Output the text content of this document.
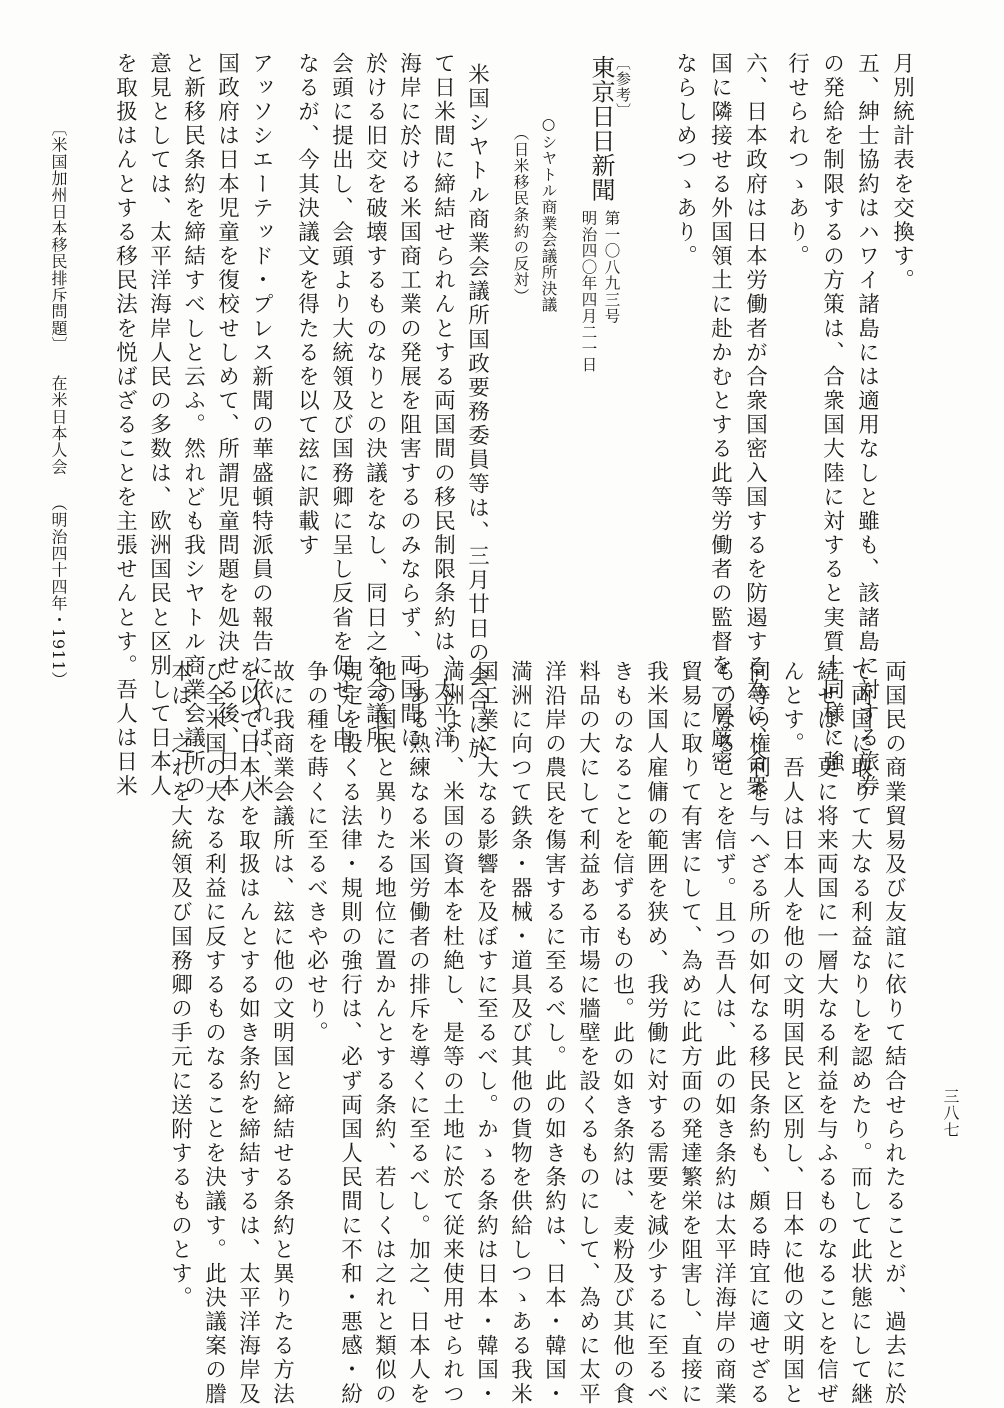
月別統計表を交換す。
五、紳士協約はハワイ諸島には適用なしと雖も、該諸島に対する旅券
の発給を制限するの方策は、合衆国大陸に対すると実質上同様に強
行せられつゝあり。
六、日本政府は日本労働者が合衆国密入国するを防遏する為に、合衆
国に隣接せる外国領土に赴かむとする此等労働者の監督を一層厳密
ならしめつゝあり。
〔参考〕
東京日日新聞
第一〇八九三号
明治四〇年四月二一日
○シヤトル商業会議所決議
（日米移民条約の反対）
米国シヤトル商業会議所国政要務委員等は、三月廿日の会合に於
て日米間に締結せられんとする両国間の移民制限条約は、太平洋
海岸に於ける米国商工業の発展を阻害するのみならず、両国間に
於ける旧交を破壊するものなりとの決議をなし、同日之を会議所
会頭に提出し、会頭より大統領及び国務卿に呈し反省を促せし由
なるが、今其決議文を得たるを以て玆に訳載す
アッソシエーテッド・プレス新聞の華盛頓特派員の報告に依れば、米
国政府は日本児童を復校せしめて、所謂児童問題を処決せる後、日本
と新移民条約を締結すべしと云ふ。然れども我シヤトル商業会議所の
意見としては、太平洋海岸人民の多数は、欧洲国民と区別して日本人
を取扱はんとする移民法を悦ばざることを主張せんとす。吾人は日米
両国民の商業貿易及び友誼に依りて結合せられたることが、過去に於
て両国に取りて大なる利益なりしを認めたり。而して此状態にして継
続せば、更に将来両国に一層大なる利益を与ふるものなることを信ぜ
んとす。吾人は日本人を他の文明国民と区別し、日本に他の文明国と
同等の権利を与へざる所の如何なる移民条約も、頗る時宜に適せざる
ものなることを信ず。且つ吾人は、此の如き条約は太平洋海岸の商業
貿易に取りて有害にして、為めに此方面の発達繁栄を阻害し、直接に
我米国人雇傭の範囲を狭め、我労働に対する需要を減少するに至るべ
きものなることを信ずるもの也。此の如き条約は、麦粉及び其他の食
料品の大にして利益ある市場に牆壁を設くるものにして、為めに太平
洋沿岸の農民を傷害するに至るべし。此の如き条約は、日本・韓国・
満洲に向つて鉄条・器械・道具及び其他の貨物を供給しつゝある我米
国工業に大なる影響を及ぼすに至るべし。かゝる条約は日本・韓国・
満洲より、米国の資本を杜絶し、是等の土地に於て従来使用せられつ
つある熟練なる米国労働者の排斥を導くに至るべし。加之、日本人を
他の国民と異りたる地位に置かんとする条約、若しくは之れと類似の
規定を設くる法律・規則の強行は、必ず両国人民間に不和・悪感・紛
争の種を蒔くに至るべきや必せり。
故に我商業会議所は、玆に他の文明国と締結せる条約と異りたる方法
を以て日本人を取扱はんとする如き条約を締結するは、太平洋海岸及
び全米国の大なる利益に反するものなることを決議す。此決議案の謄
本は、之れを大統領及び国務卿の手元に送附するものとす。
〔米国加州日本移民排斥問題〕
在米日本人会
（明治四十四年・1911）
三八七
